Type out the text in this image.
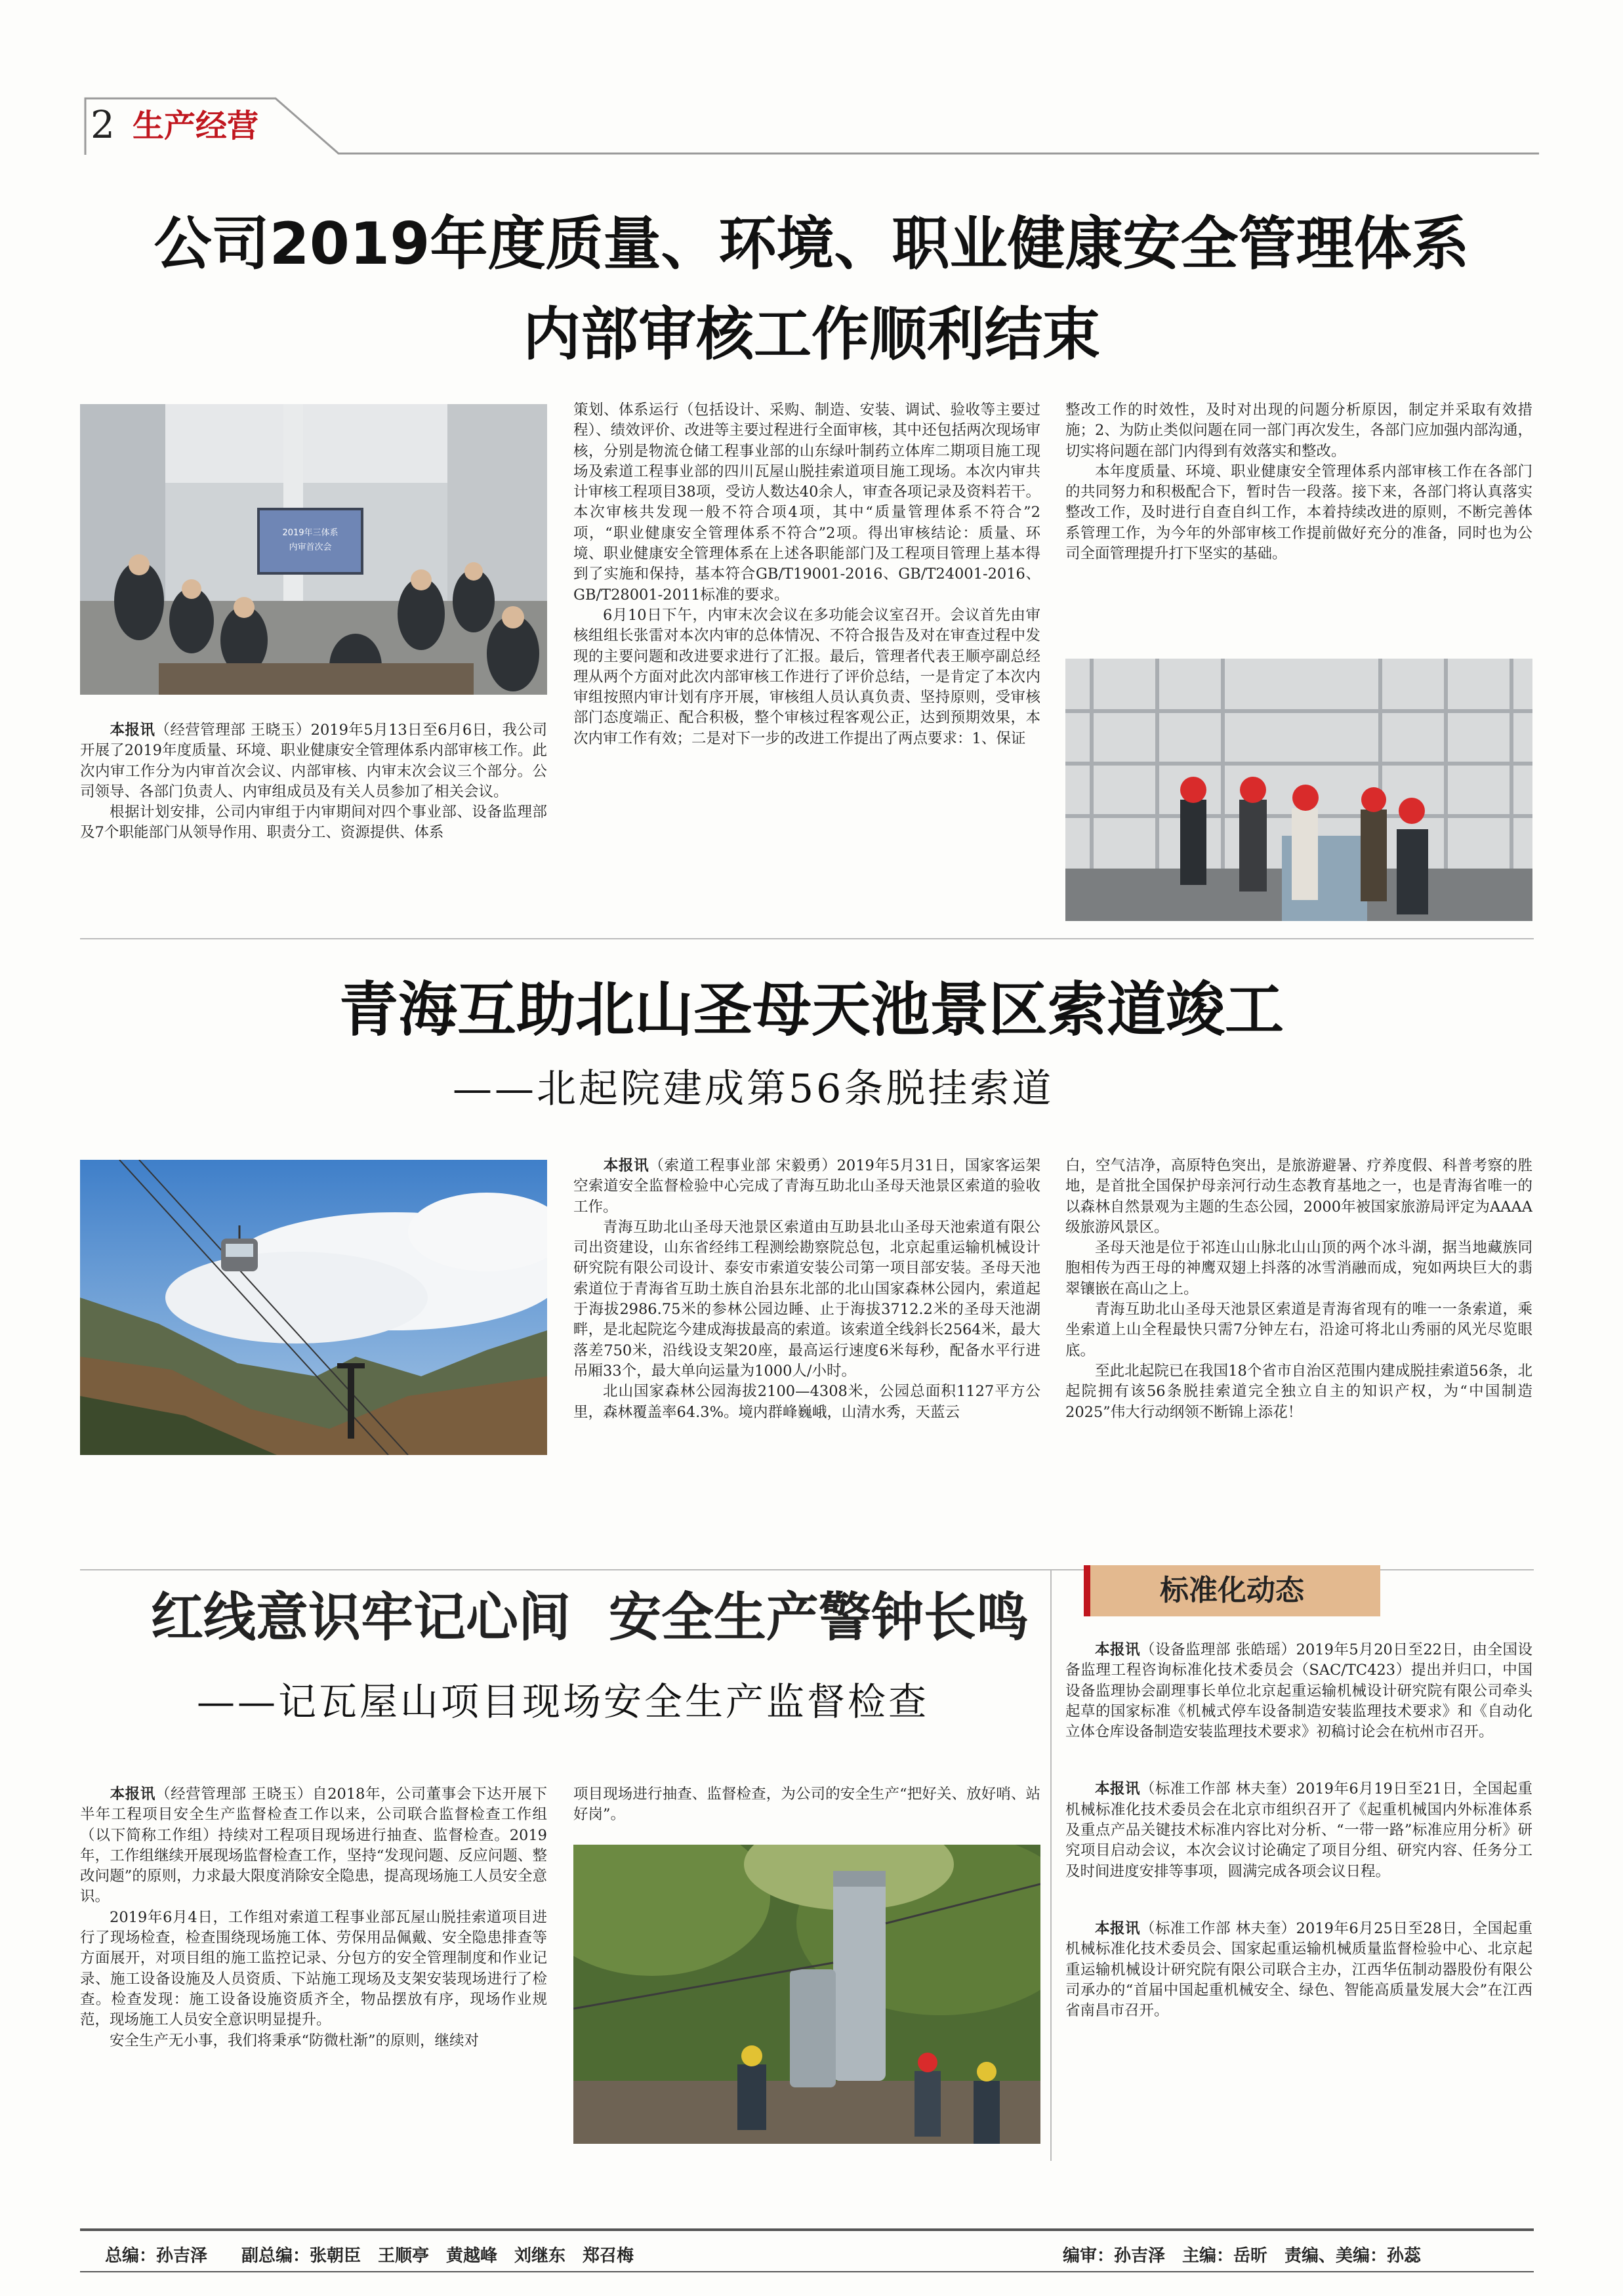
2 生产经营
公司2019年度质量、环境、职业健康安全管理体系
内部审核工作顺利结束
2019年三体系
内审首次会

  本报讯（经营管理部 王晓玉）2019年5月13日至6月6日，我公司开展了2019年度质量、环境、职业健康安全管理体系内部审核工作。此次内审工作分为内审首次会议、内部审核、内审末次会议三个部分。公司领导、各部门负责人、内审组成员及有关人员参加了相关会议。

根据计划安排，公司内审组于内审期间对四个事业部、设备监理部及7个职能部门从领导作用、职责分工、资源提供、体系

策划、体系运行（包括设计、采购、制造、安装、调试、验收等主要过程）、绩效评价、改进等主要过程进行全面审核，其中还包括两次现场审核，分别是物流仓储工程事业部的山东绿叶制药立体库二期项目施工现场及索道工程事业部的四川瓦屋山脱挂索道项目施工现场。本次内审共计审核工程项目38项，受访人数达40余人，审查各项记录及资料若干。本次审核共发现一般不符合项4项，其中“质量管理体系不符合”2项，“职业健康安全管理体系不符合”2项。得出审核结论：质量、环境、职业健康安全管理体系在上述各职能部门及工程项目管理上基本得到了实施和保持，基本符合GB/T19001-2016、GB/T24001-2016、GB/T28001-2011标准的要求。

6月10日下午，内审末次会议在多功能会议室召开。会议首先由审核组组长张雷对本次内审的总体情况、不符合报告及对在审查过程中发现的主要问题和改进要求进行了汇报。最后，管理者代表王顺亭副总经理从两个方面对此次内部审核工作进行了评价总结，一是肯定了本次内审组按照内审计划有序开展，审核组人员认真负责、坚持原则，受审核部门态度端正、配合积极，整个审核过程客观公正，达到预期效果，本次内审工作有效；二是对下一步的改进工作提出了两点要求：1、保证

整改工作的时效性，及时对出现的问题分析原因，制定并采取有效措施；2、为防止类似问题在同一部门再次发生，各部门应加强内部沟通，切实将问题在部门内得到有效落实和整改。

本年度质量、环境、职业健康安全管理体系内部审核工作在各部门的共同努力和积极配合下，暂时告一段落。接下来，各部门将认真落实整改工作，及时进行自查自纠工作，本着持续改进的原则，不断完善体系管理工作，为今年的外部审核工作提前做好充分的准备，同时也为公司全面管理提升打下坚实的基础。

青海互助北山圣母天池景区索道竣工
——北起院建成第56条脱挂索道

  本报讯（索道工程事业部 宋毅勇）2019年5月31日，国家客运架空索道安全监督检验中心完成了青海互助北山圣母天池景区索道的验收工作。

青海互助北山圣母天池景区索道由互助县北山圣母天池索道有限公司出资建设，山东省经纬工程测绘勘察院总包，北京起重运输机械设计研究院有限公司设计、泰安市索道安装公司第一项目部安装。圣母天池索道位于青海省互助土族自治县东北部的北山国家森林公园内，索道起于海拔2986.75米的参林公园边睡、止于海拔3712.2米的圣母天池湖畔，是北起院迄今建成海拔最高的索道。该索道全线斜长2564米，最大落差750米，沿线设支架20座，最高运行速度6米每秒，配备水平行进吊厢33个，最大单向运量为1000人/小时。

北山国家森林公园海拔2100—4308米，公园总面积1127平方公里，森林覆盖率64.3%。境内群峰巍峨，山清水秀，天蓝云

白，空气洁净，高原特色突出，是旅游避暑、疗养度假、科普考察的胜地，是首批全国保护母亲河行动生态教育基地之一，也是青海省唯一的以森林自然景观为主题的生态公园，2000年被国家旅游局评定为AAAA级旅游风景区。

圣母天池是位于祁连山山脉北山山顶的两个冰斗湖，据当地藏族同胞相传为西王母的神鹰双翅上抖落的冰雪消融而成，宛如两块巨大的翡翠镶嵌在高山之上。

青海互助北山圣母天池景区索道是青海省现有的唯一一条索道，乘坐索道上山全程最快只需7分钟左右，沿途可将北山秀丽的风光尽览眼底。

至此北起院已在我国18个省市自治区范围内建成脱挂索道56条，北起院拥有该56条脱挂索道完全独立自主的知识产权，为“中国制造2025”伟大行动纲领不断锦上添花！

红线意识牢记心间 安全生产警钟长鸣
——记瓦屋山项目现场安全生产监督检查

  本报讯（经营管理部 王晓玉）自2018年，公司董事会下达开展下半年工程项目安全生产监督检查工作以来，公司联合监督检查工作组（以下简称工作组）持续对工程项目现场进行抽查、监督检查。2019年，工作组继续开展现场监督检查工作，坚持“发现问题、反应问题、整改问题”的原则，力求最大限度消除安全隐患，提高现场施工人员安全意识。

2019年6月4日，工作组对索道工程事业部瓦屋山脱挂索道项目进行了现场检查，检查围绕现场施工体、劳保用品佩戴、安全隐患排查等方面展开，对项目组的施工监控记录、分包方的安全管理制度和作业记录、施工设备设施及人员资质、下站施工现场及支架安装现场进行了检查。检查发现：施工设备设施资质齐全，物品摆放有序，现场作业规范，现场施工人员安全意识明显提升。

安全生产无小事，我们将秉承“防微杜渐”的原则，继续对

项目现场进行抽查、监督检查，为公司的安全生产“把好关、放好哨、站好岗”。

标准化动态

本报讯（设备监理部 张皓瑶）2019年5月20日至22日，由全国设备监理工程咨询标准化技术委员会（SAC/TC423）提出并归口，中国设备监理协会副理事长单位北京起重运输机械设计研究院有限公司牵头起草的国家标准《机械式停车设备制造安装监理技术要求》和《自动化立体仓库设备制造安装监理技术要求》初稿讨论会在杭州市召开。

本报讯（标准工作部 林夫奎）2019年6月19日至21日，全国起重机械标准化技术委员会在北京市组织召开了《起重机械国内外标准体系及重点产品关键技术标准内容比对分析、“一带一路”标准应用分析》研究项目启动会议，本次会议讨论确定了项目分组、研究内容、任务分工及时间进度安排等事项，圆满完成各项会议日程。

本报讯（标准工作部 林夫奎）2019年6月25日至28日，全国起重机械标准化技术委员会、国家起重运输机械质量监督检验中心、北京起重运输机械设计研究院有限公司联合主办，江西华伍制动器股份有限公司承办的“首届中国起重机械安全、绿色、智能高质量发展大会”在江西省南昌市召开。

总编：孙吉泽　　副总编：张朝臣　王顺亭　黄越峰　刘继东　郑召梅	编审：孙吉泽　主编：岳昕　责编、美编：孙蕊
